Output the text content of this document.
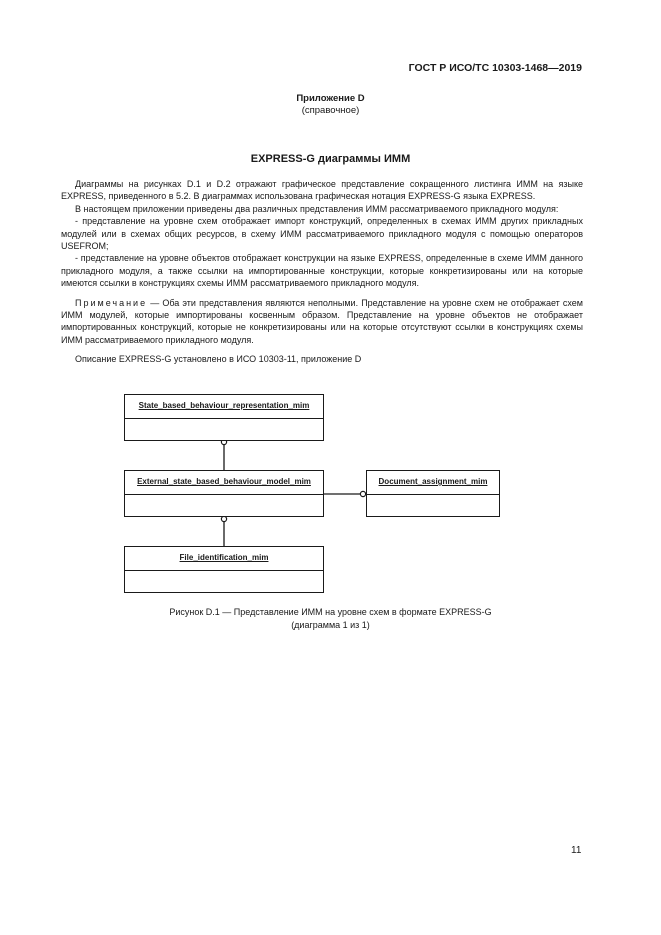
ГОСТ Р ИСО/ТС 10303-1468—2019
Приложение D
(справочное)
EXPRESS-G диаграммы ИММ

Диаграммы на рисунках D.1 и D.2 отражают графическое представление сокращенного листинга ИММ на языке EXPRESS, приведенного в 5.2. В диаграммах использована графическая нотация EXPRESS-G языка EXPRESS.

В настоящем приложении приведены два различных представления ИММ рассматриваемого прикладного модуля:

- представление на уровне схем отображает импорт конструкций, определенных в схемах ИММ других прикладных модулей или в схемах общих ресурсов, в схему ИММ рассматриваемого прикладного модуля с помощью операторов USEFROM;

- представление на уровне объектов отображает конструкции на языке EXPRESS, определенные в схеме ИММ данного прикладного модуля, а также ссылки на импортированные конструкции, которые конкретизированы или на которые имеются ссылки в конструкциях схемы ИММ рассматриваемого прикладного модуля.

Примечание — Оба эти представления являются неполными. Представление на уровне схем не отображает схем ИММ модулей, которые импортированы косвенным образом. Представление на уровне объектов не отображает импортированных конструкций, которые не конкретизированы или на которые отсутствуют ссылки в конструкциях схемы ИММ рассматриваемого прикладного модуля.

Описание EXPRESS-G установлено в ИСО 10303-11, приложение D

State_based_behaviour_representation_mim
External_state_based_behaviour_model_mim	Document_assignment_mim
File_identification_mim
Рисунок D.1 — Представление ИММ на уровне схем в формате EXPRESS-G
(диаграмма 1 из 1)
11
